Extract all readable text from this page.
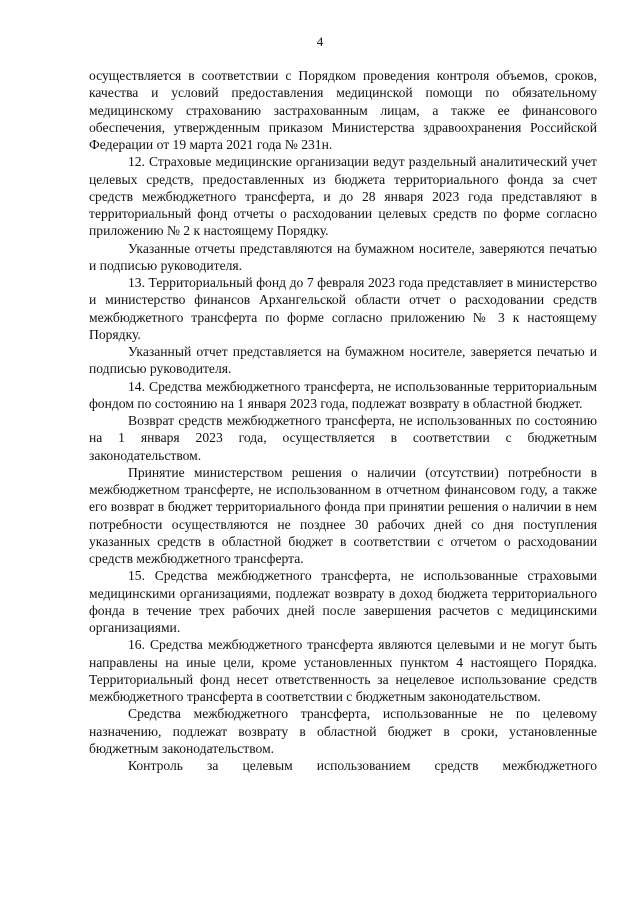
4

осуществляется в соответствии с Порядком проведения контроля объемов, сроков, качества и условий предоставления медицинской помощи по обязательному медицинскому страхованию застрахованным лицам, а также ее финансового обеспечения, утвержденным приказом Министерства здравоохранения Российской Федерации от 19 марта 2021 года № 231н.

12. Страховые медицинские организации ведут раздельный аналитический учет целевых средств, предоставленных из бюджета территориального фонда за счет средств межбюджетного трансферта, и до 28 января 2023 года представляют в территориальный фонд отчеты о расходовании целевых средств по форме согласно приложению № 2 к настоящему Порядку.

Указанные отчеты представляются на бумажном носителе, заверяются печатью и подписью руководителя.

13. Территориальный фонд до 7 февраля 2023 года представляет в министерство и министерство финансов Архангельской области отчет о расходовании средств межбюджетного трансферта по форме согласно приложению № 3 к настоящему Порядку.

Указанный отчет представляется на бумажном носителе, заверяется печатью и подписью руководителя.

14. Средства межбюджетного трансферта, не использованные территориальным фондом по состоянию на 1 января 2023 года, подлежат возврату в областной бюджет.

Возврат средств межбюджетного трансферта, не использованных по состоянию на 1 января 2023 года, осуществляется в соответствии с бюджетным законодательством.

Принятие министерством решения о наличии (отсутствии) потребности в межбюджетном трансферте, не использованном в отчетном финансовом году, а также его возврат в бюджет территориального фонда при принятии решения о наличии в нем потребности осуществляются не позднее 30 рабочих дней со дня поступления указанных средств в областной бюджет в соответствии с отчетом о расходовании средств межбюджетного трансферта.

15. Средства межбюджетного трансферта, не использованные страховыми медицинскими организациями, подлежат возврату в доход бюджета территориального фонда в течение трех рабочих дней после завершения расчетов с медицинскими организациями.

16. Средства межбюджетного трансферта являются целевыми и не могут быть направлены на иные цели, кроме установленных пунктом 4 настоящего Порядка. Территориальный фонд несет ответственность за нецелевое использование средств межбюджетного трансферта в соответствии с бюджетным законодательством.

Средства межбюджетного трансферта, использованные не по целевому назначению, подлежат возврату в областной бюджет в сроки, установленные бюджетным законодательством.

Контроль за целевым использованием средств межбюджетного
